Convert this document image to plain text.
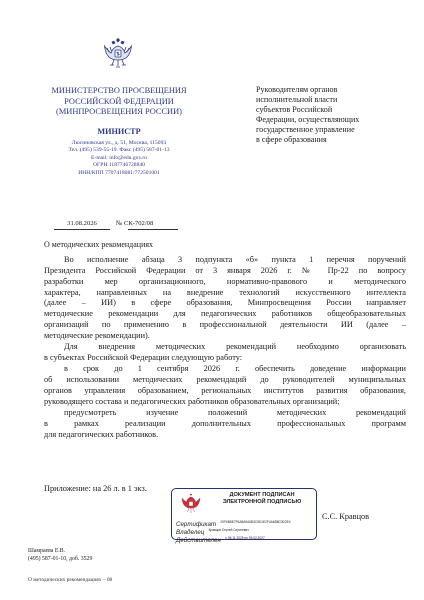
МИНИСТЕРСТВО ПРОСВЕЩЕНИЯ
РОССИЙСКОЙ ФЕДЕРАЦИИ
(МИНПРОСВЕЩЕНИЯ РОССИИ)
МИНИСТР
Люсиновская ул., д. 51, Москва, 115093
Тел. (495) 539-55-19. Факс (495) 587-01-13
E-mail: info@edu.gov.ru
ОГРН 1187746728840
ИНН/КПП 7707418081/772501001
31.08.2026	№ СК-702/08
Руководителям органов
исполнительной власти
субъектов Российской
Федерации, осуществляющих
государственное управление
в сфере образования
О методических рекомендациях
Во исполнение абзаца 3 подпункта «б» пункта 1 перечня поручений
Президента Российской Федерации от 3 января 2026 г. № Пр-22 по вопросу
разработки мер организационного, нормативно-правового и методического
характера, направленных на внедрение технологий искусственного интеллекта
(далее – ИИ) в сфере образования, Минпросвещения России направляет
методические рекомендации для педагогических работников общеобразовательных
организаций по применению в профессиональной деятельности ИИ (далее –
методические рекомендации).
Для внедрения методических рекомендаций необходимо организовать
в субъектах Российской Федерации следующую работу:
в срок до 1 сентября 2026 г. обеспечить доведение информации
об использовании методических рекомендаций до руководителей муниципальных
органов управления образованием, региональных институтов развития образования,
руководящего состава и педагогических работников образовательных организаций;
предусмотреть изучение положений методических рекомендаций
в рамках реализации дополнительных профессиональных программ
для педагогических работников.
Приложение: на 26 л. в 1 экз.
ДОКУМЕНТ ПОДПИСАН
ЭЛЕКТРОННОЙ ПОДПИСЬЮ
Сертификат 00F6B8E7F6A8A9A0B3C5D1E2F4A6B8C0D2E4
Владелец Кравцов Сергей Сергеевич
Действителен с 06.11.2025 по 05.02.2027
С.С. Кравцов
Шамраева Е.В.
(495) 587-01-10, доб. 3529
О методических рекомендациях – 08
